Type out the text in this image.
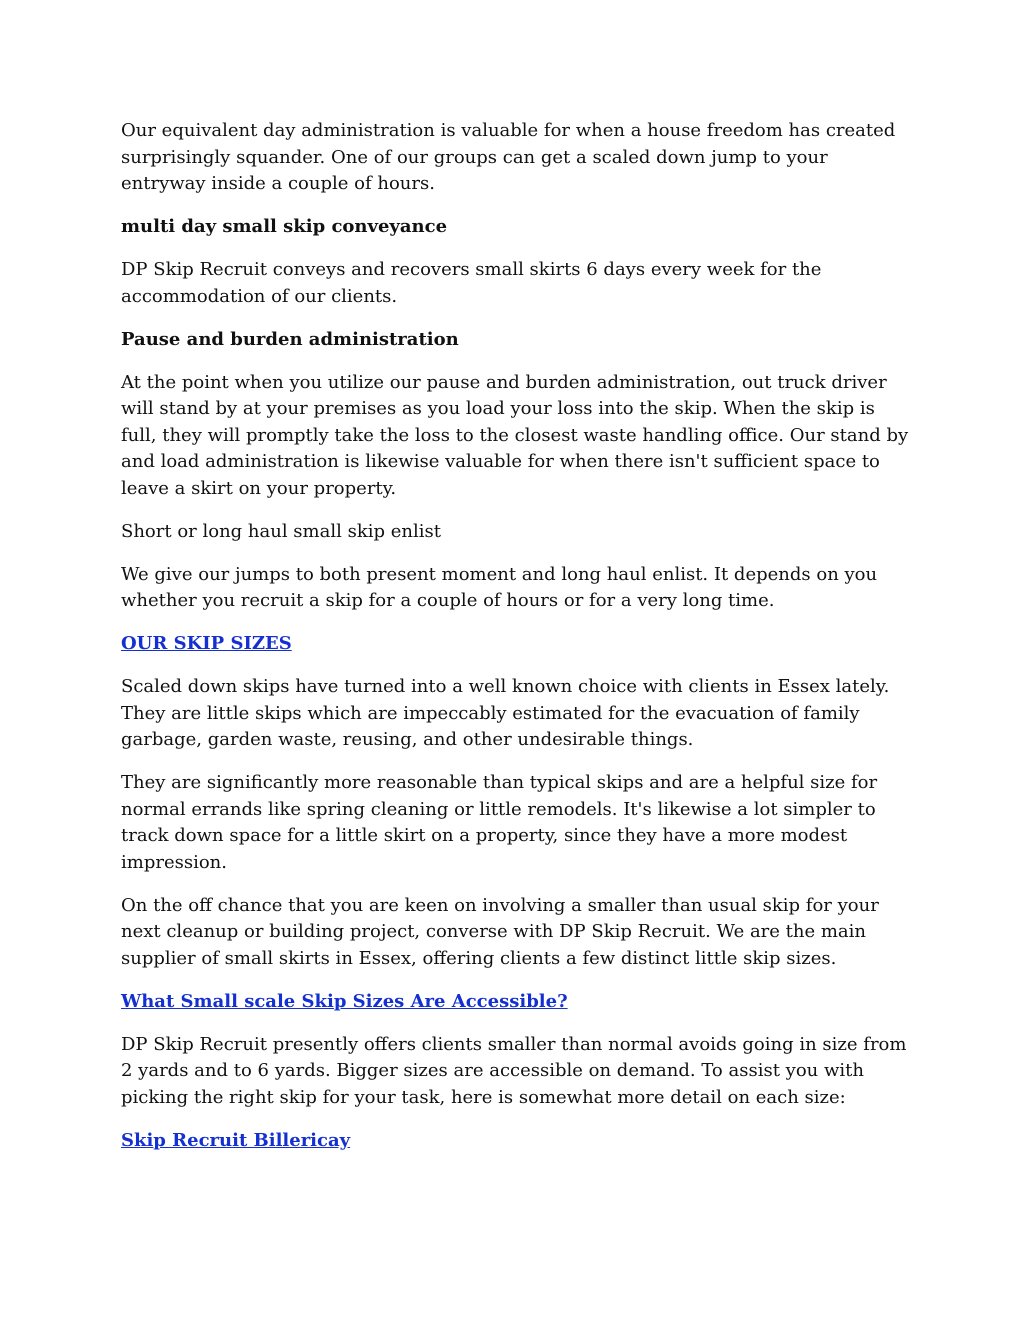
Our equivalent day administration is valuable for when a house freedom has created surprisingly squander. One of our groups can get a scaled down jump to your entryway inside a couple of hours.

multi day small skip conveyance

DP Skip Recruit conveys and recovers small skirts 6 days every week for the accommodation of our clients.

Pause and burden administration

At the point when you utilize our pause and burden administration, out truck driver will stand by at your premises as you load your loss into the skip. When the skip is full, they will promptly take the loss to the closest waste handling office. Our stand by and load administration is likewise valuable for when there isn't sufficient space to leave a skirt on your property.

Short or long haul small skip enlist

We give our jumps to both present moment and long haul enlist. It depends on you whether you recruit a skip for a couple of hours or for a very long time.

OUR SKIP SIZES

Scaled down skips have turned into a well known choice with clients in Essex lately. They are little skips which are impeccably estimated for the evacuation of family garbage, garden waste, reusing, and other undesirable things.

They are significantly more reasonable than typical skips and are a helpful size for normal errands like spring cleaning or little remodels. It's likewise a lot simpler to track down space for a little skirt on a property, since they have a more modest impression.

On the off chance that you are keen on involving a smaller than usual skip for your next cleanup or building project, converse with DP Skip Recruit. We are the main supplier of small skirts in Essex, offering clients a few distinct little skip sizes.

What Small scale Skip Sizes Are Accessible?

DP Skip Recruit presently offers clients smaller than normal avoids going in size from 2 yards and to 6 yards. Bigger sizes are accessible on demand. To assist you with picking the right skip for your task, here is somewhat more detail on each size:

Skip Recruit Billericay
